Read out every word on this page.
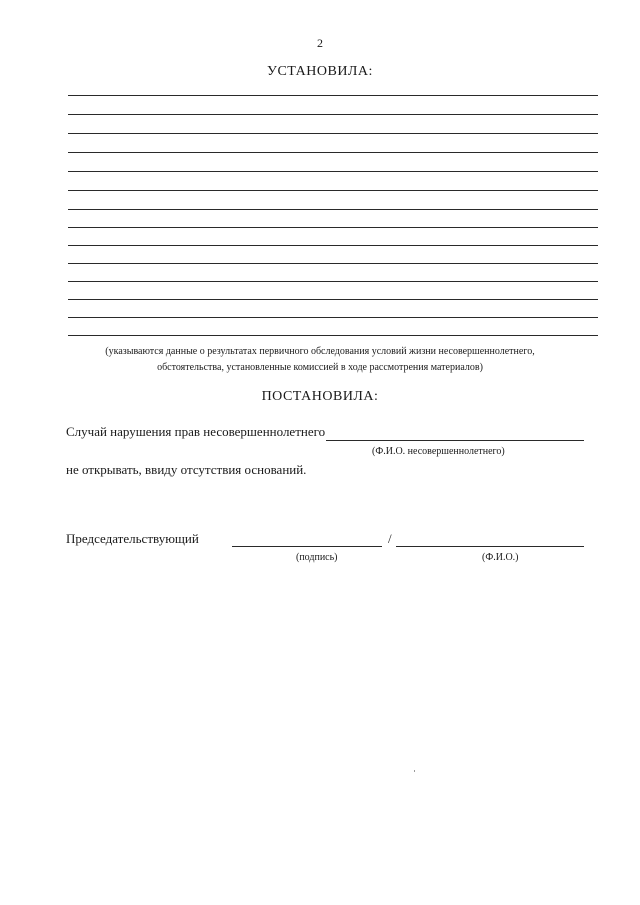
2
УСТАНОВИЛА:
(указываются данные о результатах первичного обследования условий жизни несовершеннолетнего,
обстоятельства, установленные комиссией в ходе рассмотрения материалов)
ПОСТАНОВИЛА:
Случай нарушения прав несовершеннолетнего
(Ф.И.О. несовершеннолетнего)
не открывать, ввиду отсутствия оснований.
Председательствующий	/
(подпись)	(Ф.И.О.)
